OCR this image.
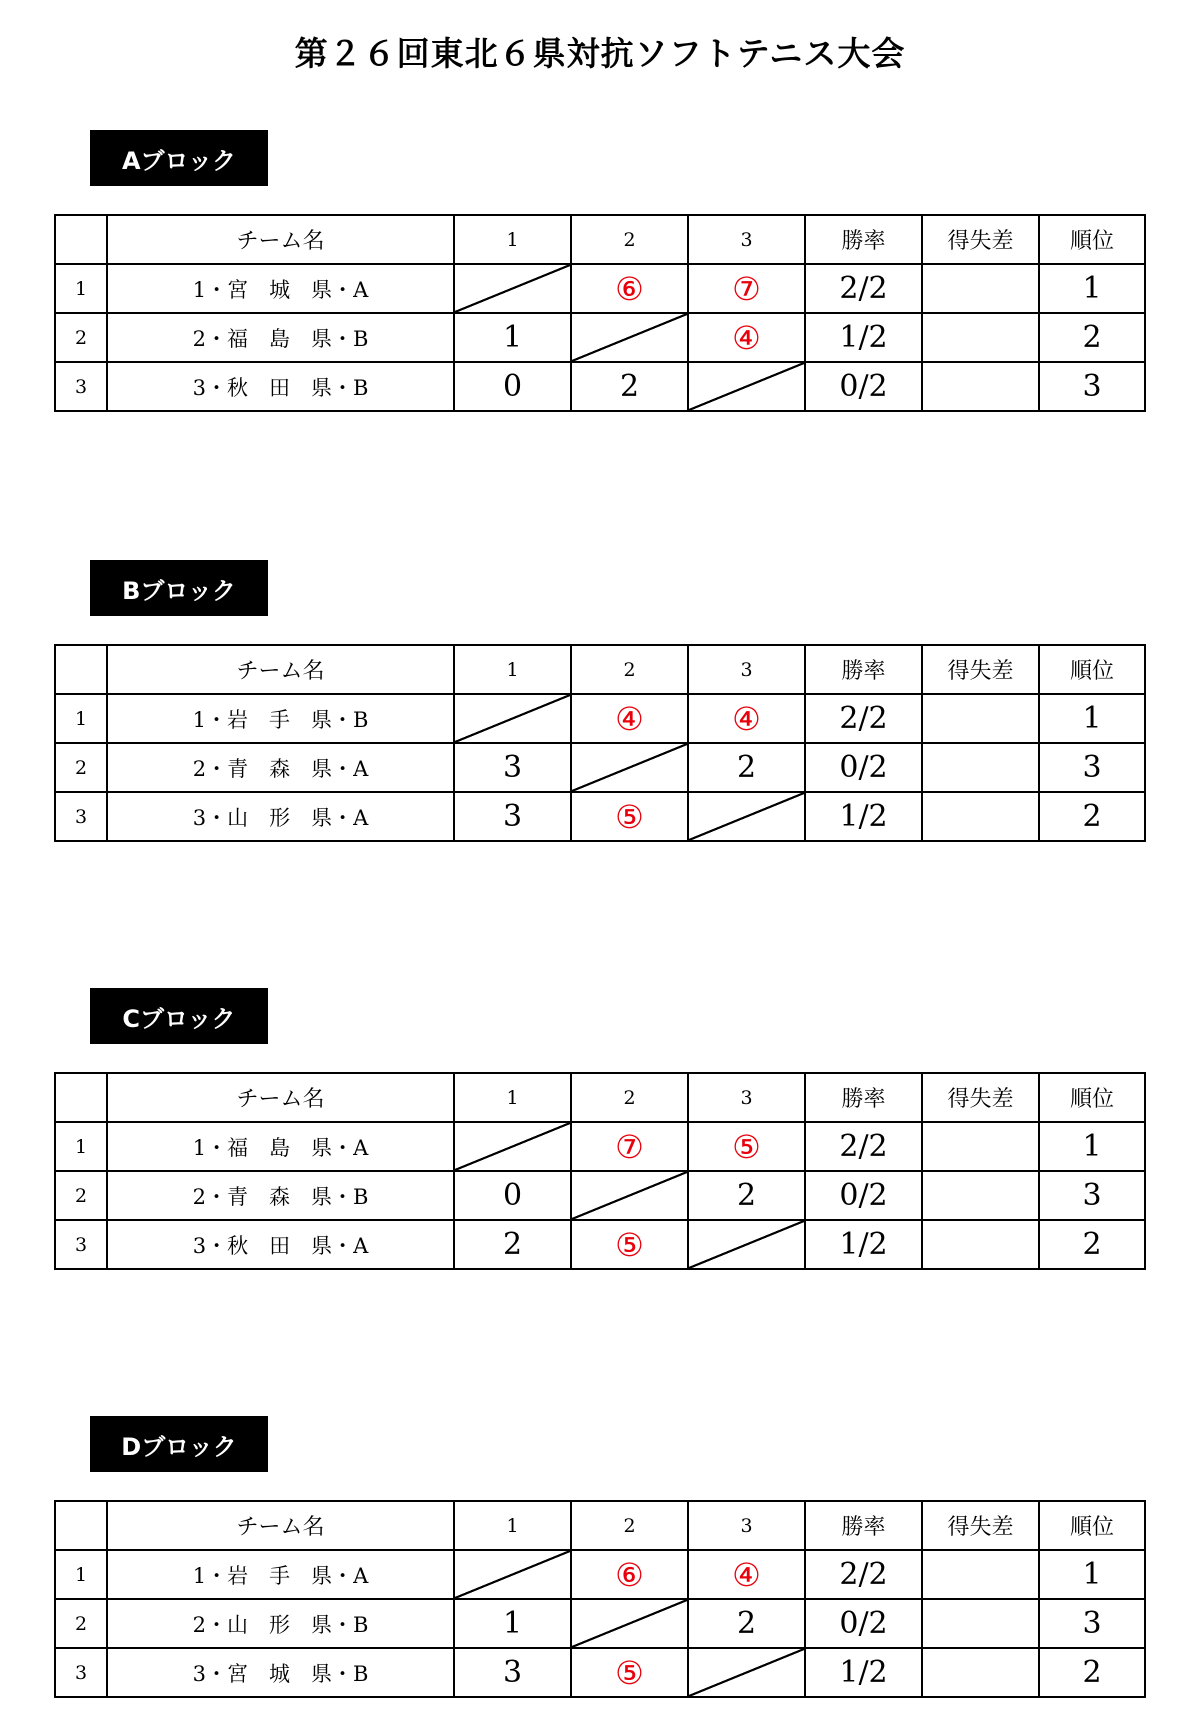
第２６回東北６県対抗ソフトテニス大会
Aブロック
	チーム名	1	2	3	勝率	得失差	順位
1	1・宮　城　県・A		⑥	⑦	2/2		1
2	2・福　島　県・B	1		④	1/2		2
3	3・秋　田　県・B	0	2		0/2		3
Bブロック
	チーム名	1	2	3	勝率	得失差	順位
1	1・岩　手　県・B		④	④	2/2		1
2	2・青　森　県・A	3		2	0/2		3
3	3・山　形　県・A	3	⑤		1/2		2
Cブロック
	チーム名	1	2	3	勝率	得失差	順位
1	1・福　島　県・A		⑦	⑤	2/2		1
2	2・青　森　県・B	0		2	0/2		3
3	3・秋　田　県・A	2	⑤		1/2		2
Dブロック
	チーム名	1	2	3	勝率	得失差	順位
1	1・岩　手　県・A		⑥	④	2/2		1
2	2・山　形　県・B	1		2	0/2		3
3	3・宮　城　県・B	3	⑤		1/2		2
